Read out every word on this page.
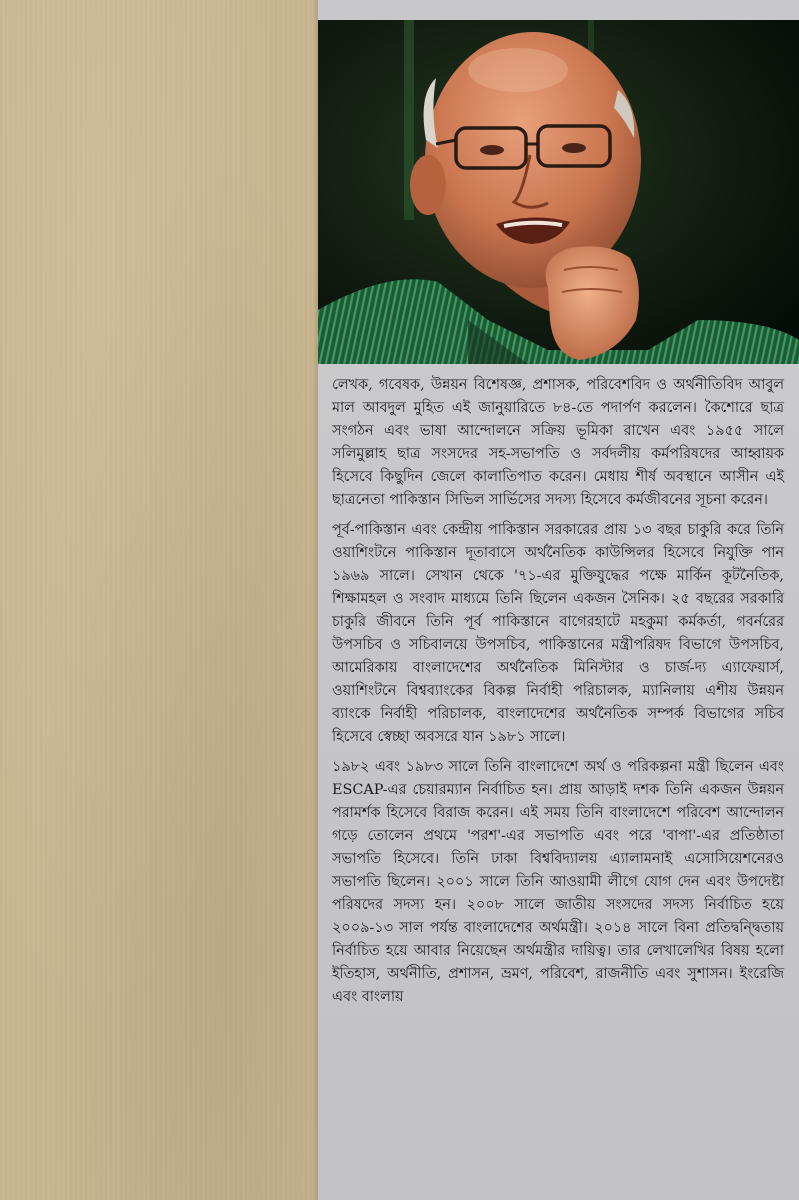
লেখক, গবেষক, উন্নয়ন বিশেষজ্ঞ, প্রশাসক, পরিবেশবিদ ও অর্থনীতিবিদ আবুল মাল আবদুল মুহিত এই জানুয়ারিতে ৮৪-তে পদার্পণ করলেন। কৈশোরে ছাত্র সংগঠন এবং ভাষা আন্দোলনে সক্রিয় ভূমিকা রাখেন এবং ১৯৫৫ সালে সলিমুল্লাহ ছাত্র সংসদের সহ-সভাপতি ও সর্বদলীয় কর্মপরিষদের আহ্বায়ক হিসেবে কিছুদিন জেলে কালাতিপাত করেন। মেধায় শীর্ষ অবস্থানে আসীন এই ছাত্রনেতা পাকিস্তান সিভিল সার্ভিসের সদস্য হিসেবে কর্মজীবনের সূচনা করেন।

পূর্ব-পাকিস্তান এবং কেন্দ্রীয় পাকিস্তান সরকারের প্রায় ১৩ বছর চাকুরি করে তিনি ওয়াশিংটনে পাকিস্তান দূতাবাসে অর্থনৈতিক কাউন্সিলর হিসেবে নিযুক্তি পান ১৯৬৯ সালে। সেখান থেকে '৭১-এর মুক্তিযুদ্ধের পক্ষে মার্কিন কূটনৈতিক, শিক্ষামহল ও সংবাদ মাধ্যমে তিনি ছিলেন একজন সৈনিক। ২৫ বছরের সরকারি চাকুরি জীবনে তিনি পূর্ব পাকিস্তানে বাগেরহাটে মহকুমা কর্মকর্তা, গবর্নরের উপসচিব ও সচিবালয়ে উপসচিব, পাকিস্তানের মন্ত্রীপরিষদ বিভাগে উপসচিব, আমেরিকায় বাংলাদেশের অর্থনৈতিক মিনিস্টার ও চার্জ-দ্য এ্যাফেয়ার্স, ওয়াশিংটনে বিশ্বব্যাংকের বিকল্প নির্বাহী পরিচালক, ম্যানিলায় এশীয় উন্নয়ন ব্যাংকে নির্বাহী পরিচালক, বাংলাদেশের অর্থনৈতিক সম্পর্ক বিভাগের সচিব হিসেবে স্বেচ্ছা অবসরে যান ১৯৮১ সালে।

১৯৮২ এবং ১৯৮৩ সালে তিনি বাংলাদেশে অর্থ ও পরিকল্পনা মন্ত্রী ছিলেন এবং ESCAP-এর চেয়ারম্যান নির্বাচিত হন। প্রায় আড়াই দশক তিনি একজন উন্নয়ন পরামর্শক হিসেবে বিরাজ করেন। এই সময় তিনি বাংলাদেশে পরিবেশ আন্দোলন গড়ে তোলেন প্রথমে 'পরশ'-এর সভাপতি এবং পরে 'বাপা'-এর প্রতিষ্ঠাতা সভাপতি হিসেবে। তিনি ঢাকা বিশ্ববিদ্যালয় এ্যালামনাই এসোসিয়েশনেরও সভাপতি ছিলেন। ২০০১ সালে তিনি আওয়ামী লীগে যোগ দেন এবং উপদেষ্টা পরিষদের সদস্য হন। ২০০৮ সালে জাতীয় সংসদের সদস্য নির্বাচিত হয়ে ২০০৯-১৩ সাল পর্যন্ত বাংলাদেশের অর্থমন্ত্রী। ২০১৪ সালে বিনা প্রতিদ্বন্দ্বিতায় নির্বাচিত হয়ে আবার নিয়েছেন অর্থমন্ত্রীর দায়িত্ব। তার লেখালেখির বিষয় হলো ইতিহাস, অর্থনীতি, প্রশাসন, ভ্রমণ, পরিবেশ, রাজনীতি এবং সুশাসন। ইংরেজি এবং বাংলায়
